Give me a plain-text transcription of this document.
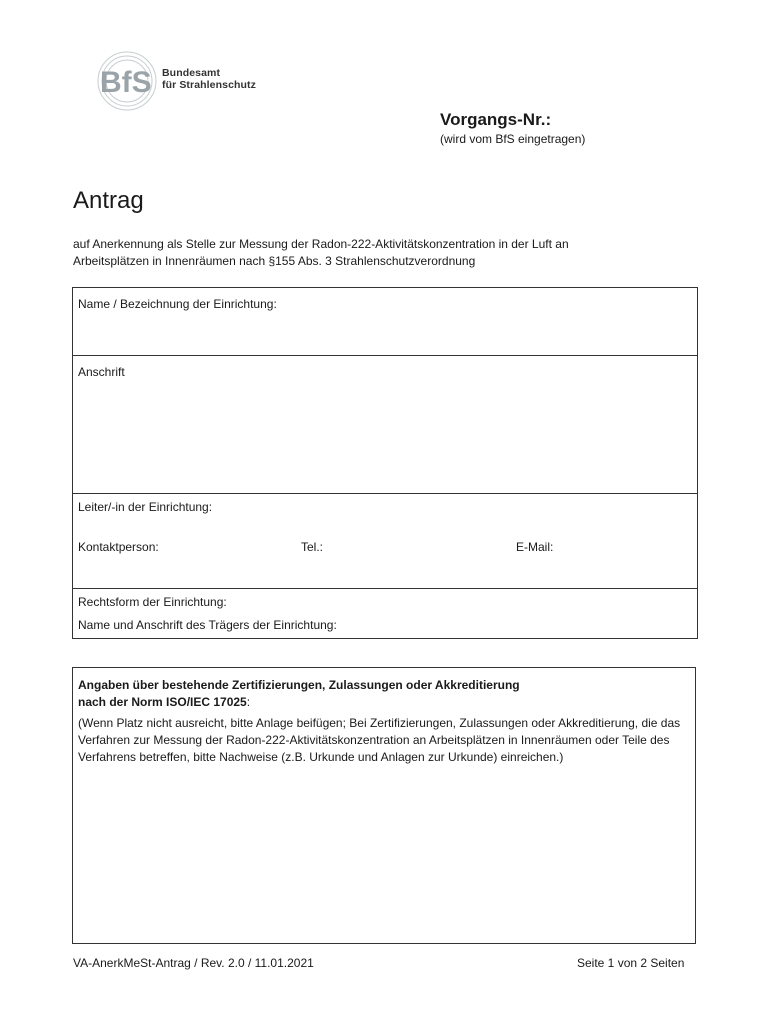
BfS Bundesamt
für Strahlenschutz
Vorgangs-Nr.:
(wird vom BfS eingetragen)
Antrag
auf Anerkennung als Stelle zur Messung der Radon-222-Aktivitätskonzentration in der Luft an
Arbeitsplätzen in Innenräumen nach §155 Abs. 3 Strahlenschutzverordnung
Name / Bezeichnung der Einrichtung:
Anschrift
Leiter/-in der Einrichtung:
Kontaktperson:	Tel.:	E-Mail:
Rechtsform der Einrichtung:
Name und Anschrift des Trägers der Einrichtung:
Angaben über bestehende Zertifizierungen, Zulassungen oder Akkreditierung
nach der Norm ISO/IEC 17025:
(Wenn Platz nicht ausreicht, bitte Anlage beifügen; Bei Zertifizierungen, Zulassungen oder Akkreditierung, die das Verfahren zur Messung der Radon-222-Aktivitätskonzentration an Arbeitsplätzen in Innenräumen oder Teile des Verfahrens betreffen, bitte Nachweise (z.B. Urkunde und Anlagen zur Urkunde) einreichen.)
VA-AnerkMeSt-Antrag / Rev. 2.0 / 11.01.2021	Seite 1 von 2 Seiten
